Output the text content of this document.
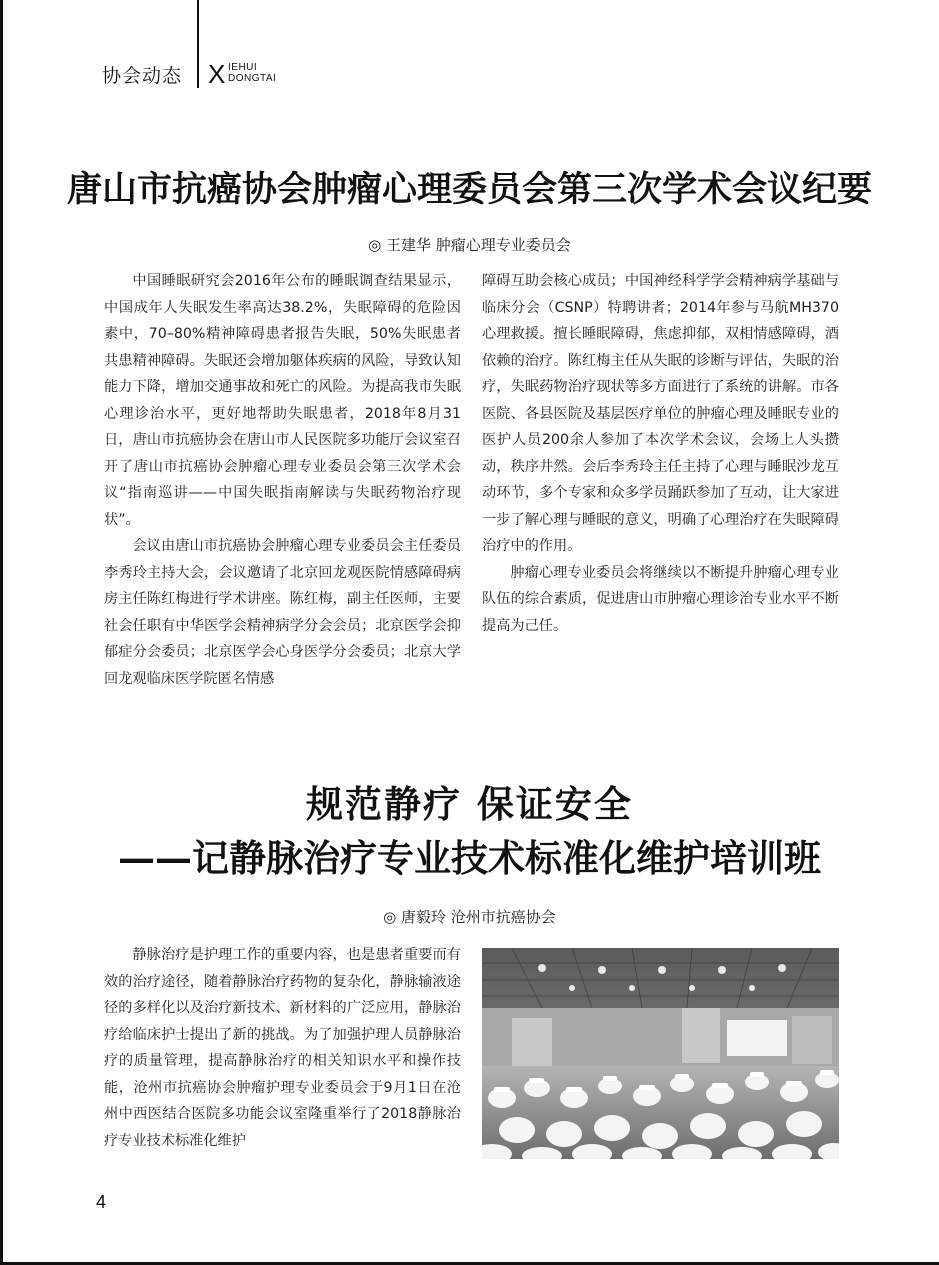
协会动态 X IEHUI
DONGTAI
唐山市抗癌协会肿瘤心理委员会第三次学术会议纪要
◎ 王建华 肿瘤心理专业委员会

中国睡眠研究会2016年公布的睡眠调查结果显示，中国成年人失眠发生率高达38.2%，失眠障碍的危险因素中，70–80%精神障碍患者报告失眠，50%失眠患者共患精神障碍。失眠还会增加躯体疾病的风险，导致认知能力下降，增加交通事故和死亡的风险。为提高我市失眠心理诊治水平，更好地帮助失眠患者，2018年8月31日，唐山市抗癌协会在唐山市人民医院多功能厅会议室召开了唐山市抗癌协会肿瘤心理专业委员会第三次学术会议“指南巡讲——中国失眠指南解读与失眠药物治疗现状”。

会议由唐山市抗癌协会肿瘤心理专业委员会主任委员李秀玲主持大会，会议邀请了北京回龙观医院情感障碍病房主任陈红梅进行学术讲座。陈红梅，副主任医师，主要社会任职有中华医学会精神病学分会会员；北京医学会抑郁症分会委员；北京医学会心身医学分会委员；北京大学回龙观临床医学院匿名情感

障碍互助会核心成员；中国神经科学学会精神病学基础与临床分会（CSNP）特聘讲者；2014年参与马航MH370心理救援。擅长睡眠障碍，焦虑抑郁，双相情感障碍，酒依赖的治疗。陈红梅主任从失眠的诊断与评估，失眠的治疗，失眠药物治疗现状等多方面进行了系统的讲解。市各医院、各县医院及基层医疗单位的肿瘤心理及睡眠专业的医护人员200余人参加了本次学术会议，会场上人头攒动，秩序井然。会后李秀玲主任主持了心理与睡眠沙龙互动环节，多个专家和众多学员踊跃参加了互动，让大家进一步了解心理与睡眠的意义，明确了心理治疗在失眠障碍治疗中的作用。

肿瘤心理专业委员会将继续以不断提升肿瘤心理专业队伍的综合素质，促进唐山市肿瘤心理诊治专业水平不断提高为己任。

规范静疗 保证安全
——记静脉治疗专业技术标准化维护培训班
◎ 唐毅玲 沧州市抗癌协会

静脉治疗是护理工作的重要内容，也是患者重要而有效的治疗途径，随着静脉治疗药物的复杂化，静脉输液途径的多样化以及治疗新技术、新材料的广泛应用，静脉治疗给临床护士提出了新的挑战。为了加强护理人员静脉治疗的质量管理，提高静脉治疗的相关知识水平和操作技能，沧州市抗癌协会肿瘤护理专业委员会于9月1日在沧州中西医结合医院多功能会议室隆重举行了2018静脉治疗专业技术标准化维护

4
